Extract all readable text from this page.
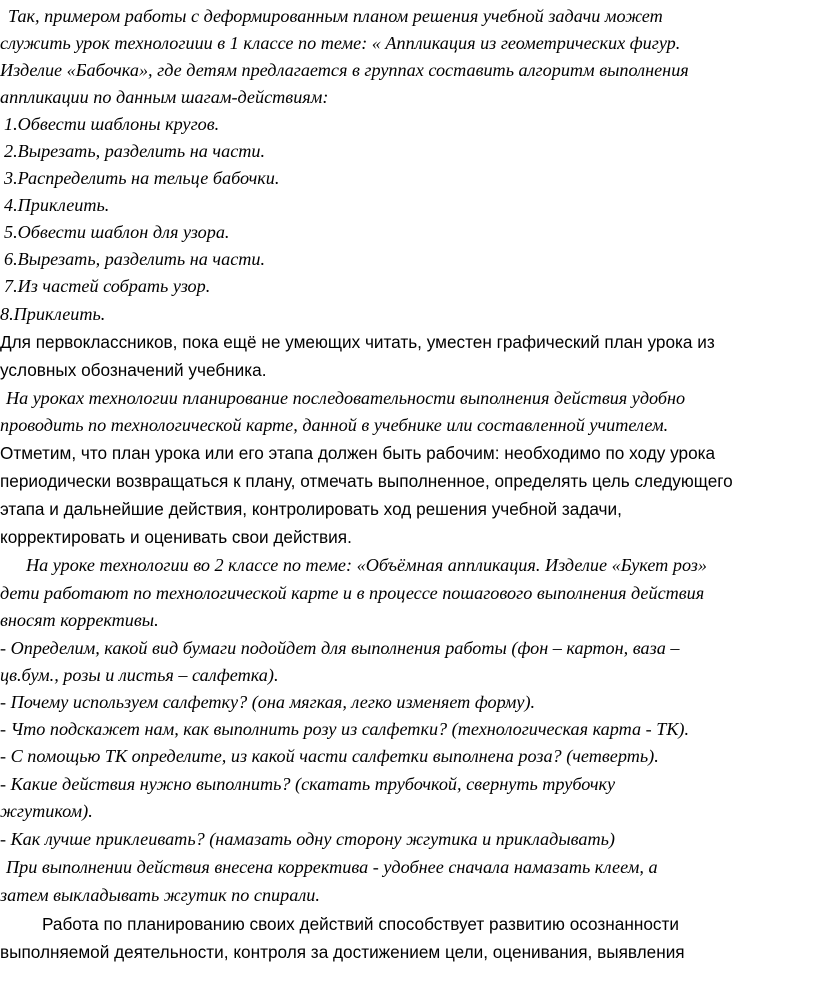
Так, примером работы с деформированным планом решения учебной задачи может
служить урок технологиии в 1 классе по теме: « Аппликация из геометрических фигур.
Изделие «Бабочка», где детям предлагается в группах составить алгоритм выполнения
аппликации по данным шагам-действиям:
1.Обвести шаблоны кругов.
2.Вырезать, разделить на части.
3.Распределить на тельце бабочки.
4.Приклеить.
5.Обвести шаблон для узора.
6.Вырезать, разделить на части.
7.Из частей собрать узор.
8.Приклеить.
Для первоклассников, пока ещё не умеющих читать, уместен графический план урока из
условных обозначений учебника.
На уроках технологии планирование последовательности выполнения действия удобно
проводить по технологической карте, данной в учебнике или составленной учителем.
Отметим, что план урока или его этапа должен быть рабочим: необходимо по ходу урока
периодически возвращаться к плану, отмечать выполненное, определять цель следующего
этапа и дальнейшие действия, контролировать ход решения учебной задачи,
корректировать и оценивать свои действия.
На уроке технологии во 2 классе по теме: «Объёмная аппликация. Изделие «Букет роз»
дети работают по технологической карте и в процессе пошагового выполнения действия
вносят коррективы.
- Определим, какой вид бумаги подойдет для выполнения работы (фон – картон, ваза –
цв.бум., розы и листья – салфетка).
- Почему используем салфетку? (она мягкая, легко изменяет форму).
- Что подскажет нам, как выполнить розу из салфетки? (технологическая карта - ТК).
- С помощью ТК определите, из какой части салфетки выполнена роза? (четверть).
- Какие действия нужно выполнить? (скатать трубочкой, свернуть трубочку
жгутиком).
- Как лучше приклеивать? (намазать одну сторону жгутика и прикладывать)
При выполнении действия внесена корректива - удобнее сначала намазать клеем, а
затем выкладывать жгутик по спирали.
Работа по планированию своих действий способствует развитию осознанности
выполняемой деятельности, контроля за достижением цели, оценивания, выявления
